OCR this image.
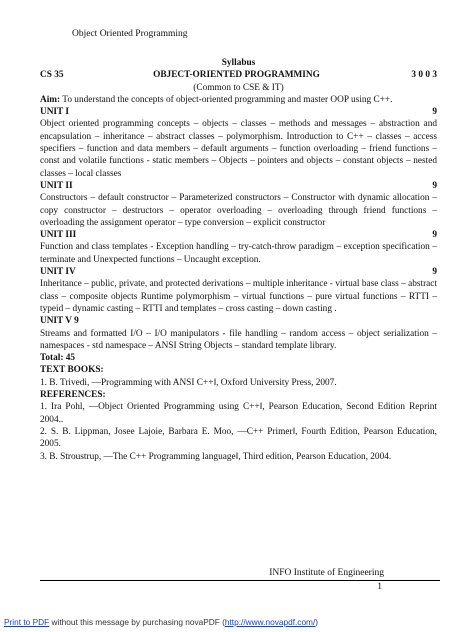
Object Oriented Programming
Syllabus
CS 35	OBJECT-ORIENTED PROGRAMMING	3 0 0 3
(Common to CSE & IT)
Aim: To understand the concepts of object-oriented programming and master OOP using C++.
UNIT I	9
Object oriented programming concepts – objects – classes – methods and messages – abstraction and encapsulation – inheritance – abstract classes – polymorphism. Introduction to C++ – classes – access specifiers – function and data members – default arguments – function overloading – friend functions – const and volatile functions - static members – Objects – pointers and objects – constant objects – nested classes – local classes
UNIT II	9
Constructors – default constructor – Parameterized constructors – Constructor with dynamic allocation – copy constructor – destructors – operator overloading – overloading through friend functions – overloading the assignment operator – type conversion – explicit constructor
UNIT III	9
Function and class templates - Exception handling – try-catch-throw paradigm – exception specification – terminate and Unexpected functions – Uncaught exception.
UNIT IV	9
Inheritance – public, private, and protected derivations – multiple inheritance - virtual base class – abstract class – composite objects Runtime polymorphism – virtual functions – pure virtual functions – RTTI – typeid – dynamic casting – RTTI and templates – cross casting – down casting .
UNIT V 9
Streams and formatted I/O – I/O manipulators - file handling – random access – object serialization – namespaces - std namespace – ANSI String Objects – standard template library.
Total: 45
TEXT BOOKS:
1. B. Trivedi, ―Programming with ANSI C++‖, Oxford University Press, 2007.
REFERENCES:
1. Ira Pohl, ―Object Oriented Programming using C++‖, Pearson Education, Second Edition Reprint 2004..
2. S. B. Lippman, Josee Lajoie, Barbara E. Moo, ―C++ Primer‖, Fourth Edition, Pearson Education, 2005.
3. B. Stroustrup, ―The C++ Programming language‖, Third edition, Pearson Education, 2004.
INFO Institute of Engineering
1
Print to PDF without this message by purchasing novaPDF (http://www.novapdf.com/)
